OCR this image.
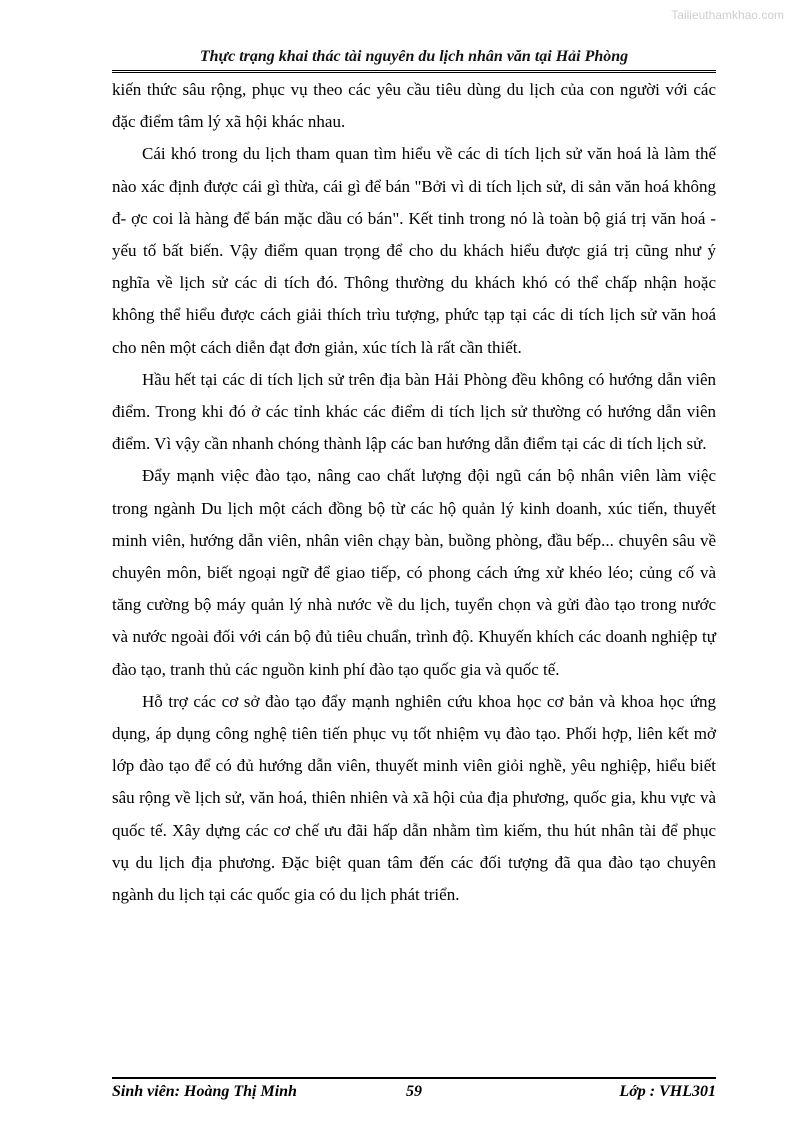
Tailieuthamkhao.com
Thực trạng khai thác tài nguyên du lịch nhân văn tại Hải Phòng

kiến thức sâu rộng, phục vụ theo các yêu cầu tiêu dùng du lịch của con người với các đặc điểm tâm lý xã hội khác nhau.

Cái khó trong du lịch tham quan tìm hiểu về các di tích lịch sử văn hoá là làm thế nào xác định được cái gì thừa, cái gì để bán "Bởi vì di tích lịch sử, di sản văn hoá không đ- ợc coi là hàng để bán mặc dầu có bán". Kết tinh trong nó là toàn bộ giá trị văn hoá - yếu tố bất biến. Vậy điểm quan trọng để cho du khách hiểu được giá trị cũng như ý nghĩa về lịch sử các di tích đó. Thông thường du khách khó có thể chấp nhận hoặc không thể hiểu được cách giải thích trìu tượng, phức tạp tại các di tích lịch sử văn hoá cho nên một cách diễn đạt đơn giản, xúc tích là rất cần thiết.

Hầu hết tại các di tích lịch sử trên địa bàn Hải Phòng đều không có hướng dẫn viên điểm. Trong khi đó ở các tỉnh khác các điểm di tích lịch sử thường có hướng dẫn viên điểm. Vì vậy cần nhanh chóng thành lập các ban hướng dẫn điểm tại các di tích lịch sử.

Đẩy mạnh việc đào tạo, nâng cao chất lượng đội ngũ cán bộ nhân viên làm việc trong ngành Du lịch một cách đồng bộ từ các hộ quản lý kinh doanh, xúc tiến, thuyết minh viên, hướng dẫn viên, nhân viên chạy bàn, buồng phòng, đầu bếp... chuyên sâu về chuyên môn, biết ngoại ngữ để giao tiếp, có phong cách ứng xử khéo léo; củng cố và tăng cường bộ máy quản lý nhà nước về du lịch, tuyển chọn và gửi đào tạo trong nước và nước ngoài đối với cán bộ đủ tiêu chuẩn, trình độ. Khuyến khích các doanh nghiệp tự đào tạo, tranh thủ các nguồn kinh phí đào tạo quốc gia và quốc tế.

Hỗ trợ các cơ sở đào tạo đẩy mạnh nghiên cứu khoa học cơ bản và khoa học ứng dụng, áp dụng công nghệ tiên tiến phục vụ tốt nhiệm vụ đào tạo. Phối hợp, liên kết mở lớp đào tạo để có đủ hướng dẫn viên, thuyết minh viên giỏi nghề, yêu nghiệp, hiểu biết sâu rộng về lịch sử, văn hoá, thiên nhiên và xã hội của địa phương, quốc gia, khu vực và quốc tế. Xây dựng các cơ chế ưu đãi hấp dẫn nhằm tìm kiếm, thu hút nhân tài để phục vụ du lịch địa phương. Đặc biệt quan tâm đến các đối tượng đã qua đào tạo chuyên ngành du lịch tại các quốc gia có du lịch phát triển.

Sinh viên: Hoàng Thị Minh	59	Lớp : VHL301
